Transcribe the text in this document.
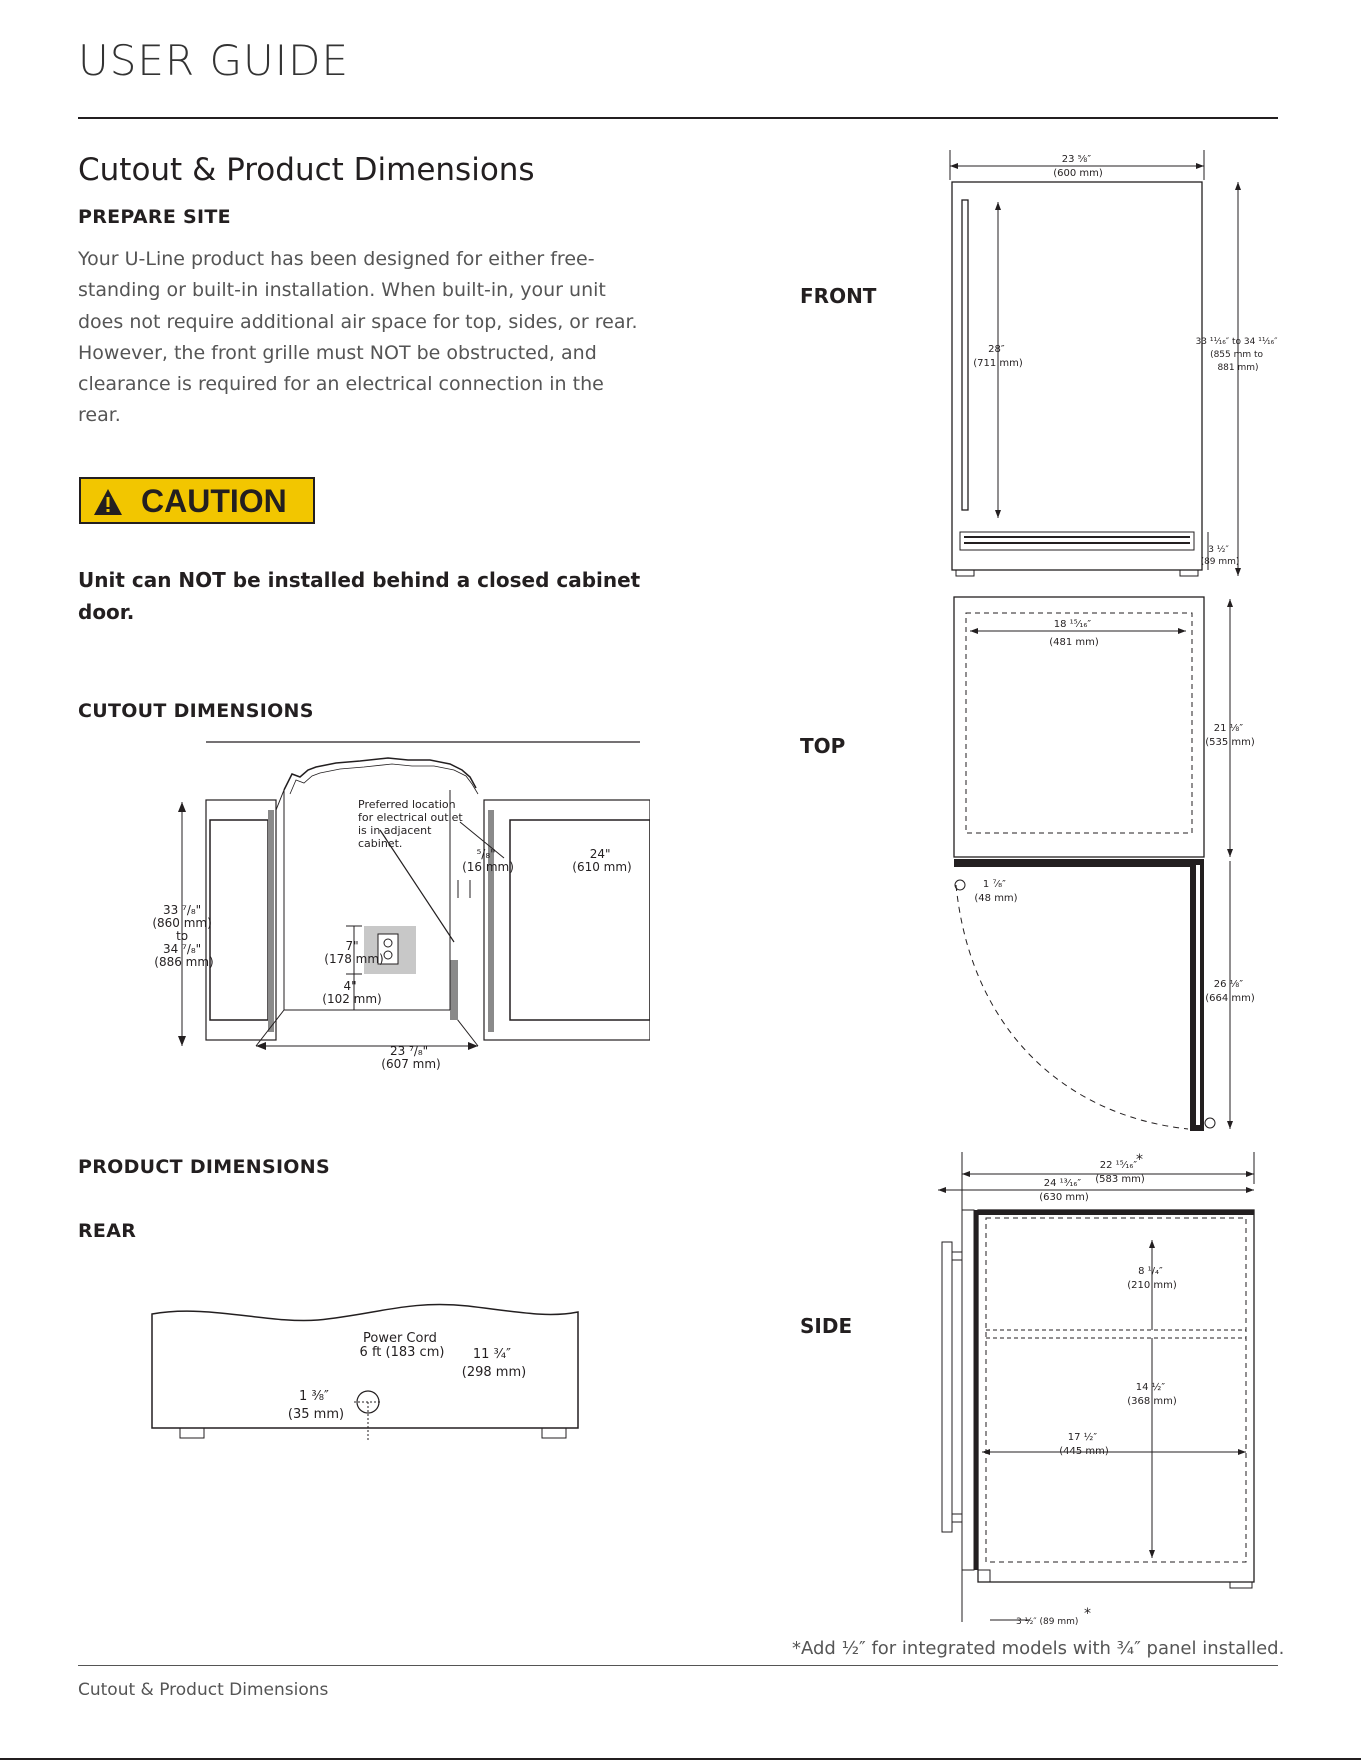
USER GUIDE
Cutout & Product Dimensions
PREPARE SITE
Your U-Line product has been designed for either free-standing or built-in installation. When built-in, your unit does not require additional air space for top, sides, or rear. However, the front grille must NOT be obstructed, and clearance is required for an electrical connection in the rear.
CAUTION
Unit can NOT be installed behind a closed cabinet door.
CUTOUT DIMENSIONS
Preferred location for electrical outlet is in adjacent cabinet.
33 ⁷/₈" (860 mm) to 34 ⁷/₈" (886 mm)
⁵/₈" (16 mm)
24" (610 mm)
7" (178 mm)
4" (102 mm)
23 ⁷/₈" (607 mm)
PRODUCT DIMENSIONS
REAR
Power Cord 6 ft (183 cm)	11 ¾″ (298 mm)
1 ⅜″ (35 mm)
FRONT
TOP
SIDE
23 ⅝″ (600 mm)
28″ (711 mm)
33 ¹¹⁄₁₆″ to 34 ¹¹⁄₁₆″ (855 mm to 881 mm)
3 ½″ (89 mm)
18 ¹⁵⁄₁₆″ (481 mm)
21 ⅛″ (535 mm)
1 ⁷⁄₈″ (48 mm)
26 ⅛″ (664 mm)
22 ¹⁵⁄₁₆″ (583 mm)
*
24 ¹³⁄₁₆″ (630 mm)
8 ¹/₄″ (210 mm)
14 ½″ (368 mm)
17 ½″ (445 mm)
3 ½″ (89 mm) *
*Add ½″ for integrated models with ¾″ panel installed.
Cutout & Product Dimensions
